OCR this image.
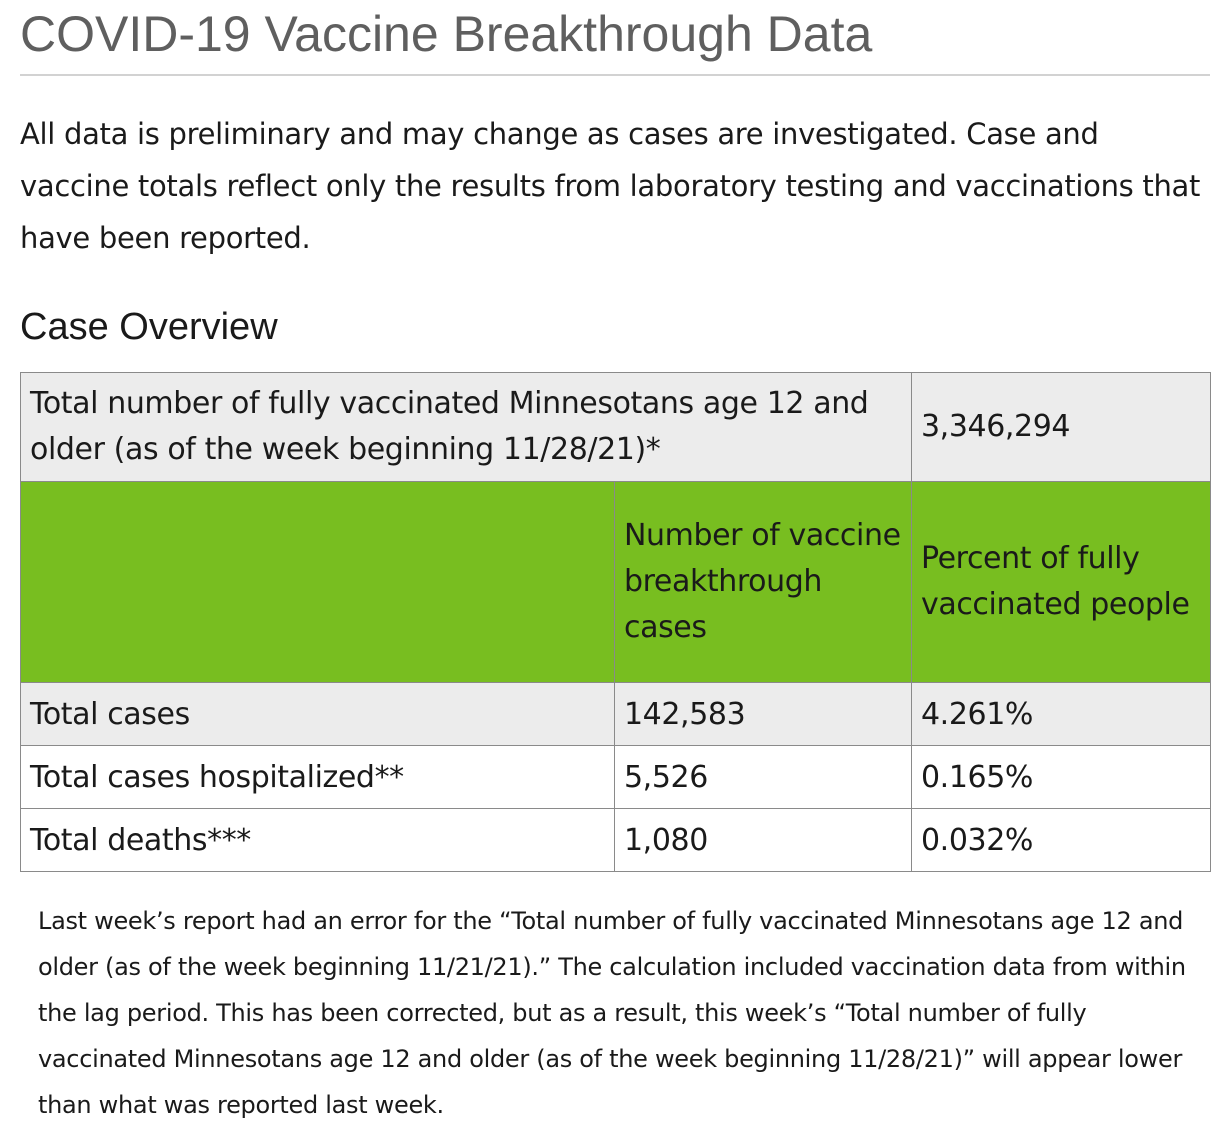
COVID-19 Vaccine Breakthrough Data

All data is preliminary and may change as cases are investigated. Case and vaccine totals reflect only the results from laboratory testing and vaccinations that have been reported.

Case Overview
Total number of fully vaccinated Minnesotans age 12 and older (as of the week beginning 11/28/21)*		3,346,294
	Number of vaccine breakthrough cases	Percent of fully vaccinated people
Total cases	142,583	4.261%
Total cases hospitalized**	5,526	0.165%
Total deaths***	1,080	0.032%

Last week’s report had an error for the “Total number of fully vaccinated Minnesotans age 12 and older (as of the week beginning 11/21/21).” The calculation included vaccination data from within the lag period. This has been corrected, but as a result, this week’s “Total number of fully vaccinated Minnesotans age 12 and older (as of the week beginning 11/28/21)” will appear lower than what was reported last week.
